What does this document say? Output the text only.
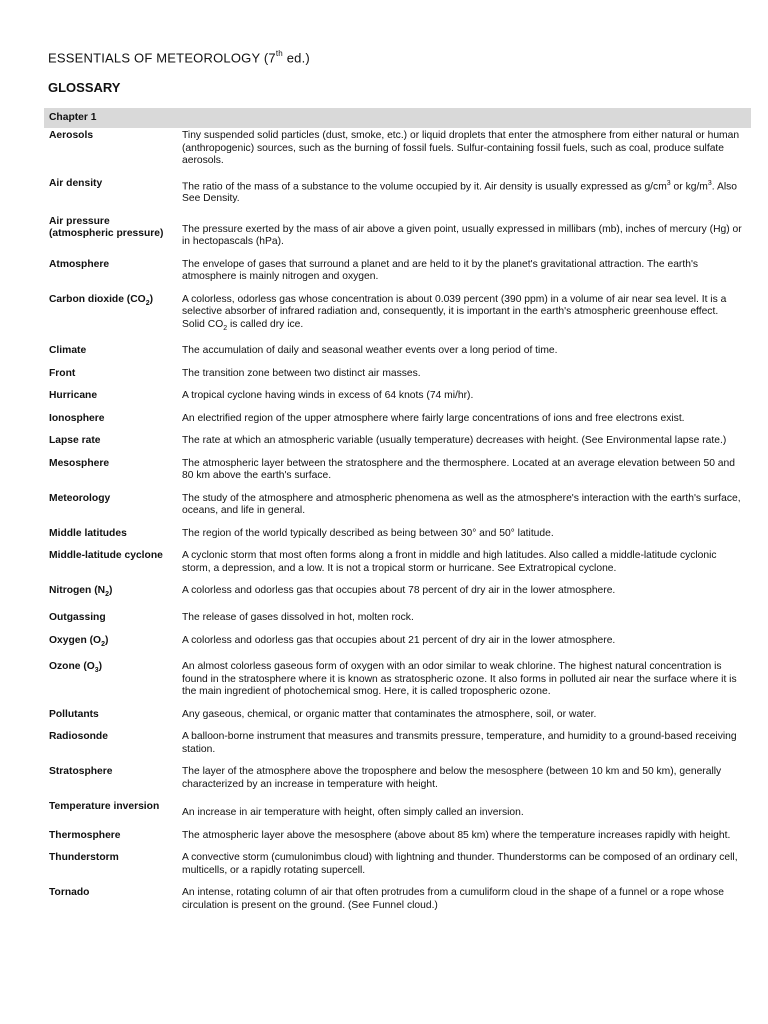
ESSENTIALS OF METEOROLOGY (7th ed.)
GLOSSARY
Chapter 1	
Aerosols	Tiny suspended solid particles (dust, smoke, etc.) or liquid droplets that enter the atmosphere from either natural or human (anthropogenic) sources, such as the burning of fossil fuels. Sulfur-containing fossil fuels, such as coal, produce sulfate aerosols.
Air density	The ratio of the mass of a substance to the volume occupied by it. Air density is usually expressed as $g/cm^3$ or $kg/m^3$. Also See Density.
Air pressure (atmospheric pressure)	The pressure exerted by the mass of air above a given point, usually expressed in millibars (mb), inches of mercury (Hg) or in hectopascals (hPa).
Atmosphere	The envelope of gases that surround a planet and are held to it by the planet's gravitational attraction. The earth's atmosphere is mainly nitrogen and oxygen.
Carbon dioxide $(CO_2)$	A colorless, odorless gas whose concentration is about 0.039 percent (390 ppm) in a volume of air near sea level. It is a selective absorber of infrared radiation and, consequently, it is important in the earth's atmospheric greenhouse effect. Solid $CO_2$ is called dry ice.
Climate	The accumulation of daily and seasonal weather events over a long period of time.
Front	The transition zone between two distinct air masses.
Hurricane	A tropical cyclone having winds in excess of 64 knots (74 mi/hr).
Ionosphere	An electrified region of the upper atmosphere where fairly large concentrations of ions and free electrons exist.
Lapse rate	The rate at which an atmospheric variable (usually temperature) decreases with height. (See Environmental lapse rate.)
Mesosphere	The atmospheric layer between the stratosphere and the thermosphere. Located at an average elevation between 50 and 80 km above the earth's surface.
Meteorology	The study of the atmosphere and atmospheric phenomena as well as the atmosphere's interaction with the earth's surface, oceans, and life in general.
Middle latitudes	The region of the world typically described as being between 30° and 50° latitude.
Middle-latitude cyclone	A cyclonic storm that most often forms along a front in middle and high latitudes. Also called a middle-latitude cyclonic storm, a depression, and a low. It is not a tropical storm or hurricane. See Extratropical cyclone.
Nitrogen $(N_2)$	A colorless and odorless gas that occupies about 78 percent of dry air in the lower atmosphere.
Outgassing	The release of gases dissolved in hot, molten rock.
Oxygen $(O_2)$	A colorless and odorless gas that occupies about 21 percent of dry air in the lower atmosphere.
Ozone $(O_3)$	An almost colorless gaseous form of oxygen with an odor similar to weak chlorine. The highest natural concentration is found in the stratosphere where it is known as stratospheric ozone. It also forms in polluted air near the surface where it is the main ingredient of photochemical smog. Here, it is called tropospheric ozone.
Pollutants	Any gaseous, chemical, or organic matter that contaminates the atmosphere, soil, or water.
Radiosonde	A balloon-borne instrument that measures and transmits pressure, temperature, and humidity to a ground-based receiving station.
Stratosphere	The layer of the atmosphere above the troposphere and below the mesosphere (between 10 km and 50 km), generally characterized by an increase in temperature with height.
Temperature inversion	An increase in air temperature with height, often simply called an inversion.
Thermosphere	The atmospheric layer above the mesosphere (above about 85 km) where the temperature increases rapidly with height.
Thunderstorm	A convective storm (cumulonimbus cloud) with lightning and thunder. Thunderstorms can be composed of an ordinary cell, multicells, or a rapidly rotating supercell.
Tornado	An intense, rotating column of air that often protrudes from a cumuliform cloud in the shape of a funnel or a rope whose circulation is present on the ground. (See Funnel cloud.)
